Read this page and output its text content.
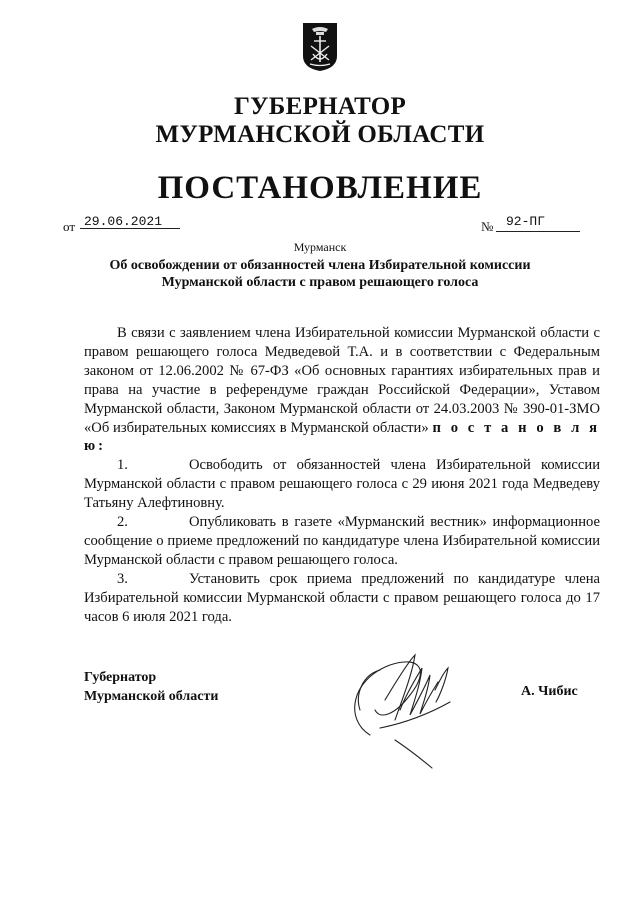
ГУБЕРНАТОР
МУРМАНСКОЙ ОБЛАСТИ
ПОСТАНОВЛЕНИЕ
от 29.06.2021	№ 92-ПГ
Мурманск
Об освобождении от обязанностей члена Избирательной комиссии
Мурманской области с правом решающего голоса

В связи с заявлением члена Избирательной комиссии Мурманской области с правом решающего голоса Медведевой Т.А. и в соответствии с Федеральным законом от 12.06.2002 № 67-ФЗ «Об основных гарантиях избирательных прав и права на участие в референдуме граждан Российской Федерации», Уставом Мурманской области, Законом Мурманской области от 24.03.2003 № 390-01-ЗМО «Об избирательных комиссиях в Мурманской области» п о с т а н о в л я ю:

1.	Освободить от обязанностей члена Избирательной комиссии Мурманской области с правом решающего голоса с 29 июня 2021 года Медведеву Татьяну Алефтиновну.

2.	Опубликовать в газете «Мурманский вестник» информационное сообщение о приеме предложений по кандидатуре члена Избирательной комиссии Мурманской области с правом решающего голоса.

3.	Установить срок приема предложений по кандидатуре члена Избирательной комиссии Мурманской области с правом решающего голоса до 17 часов 6 июля 2021 года.

Губернатор
Мурманской области	А. Чибис
